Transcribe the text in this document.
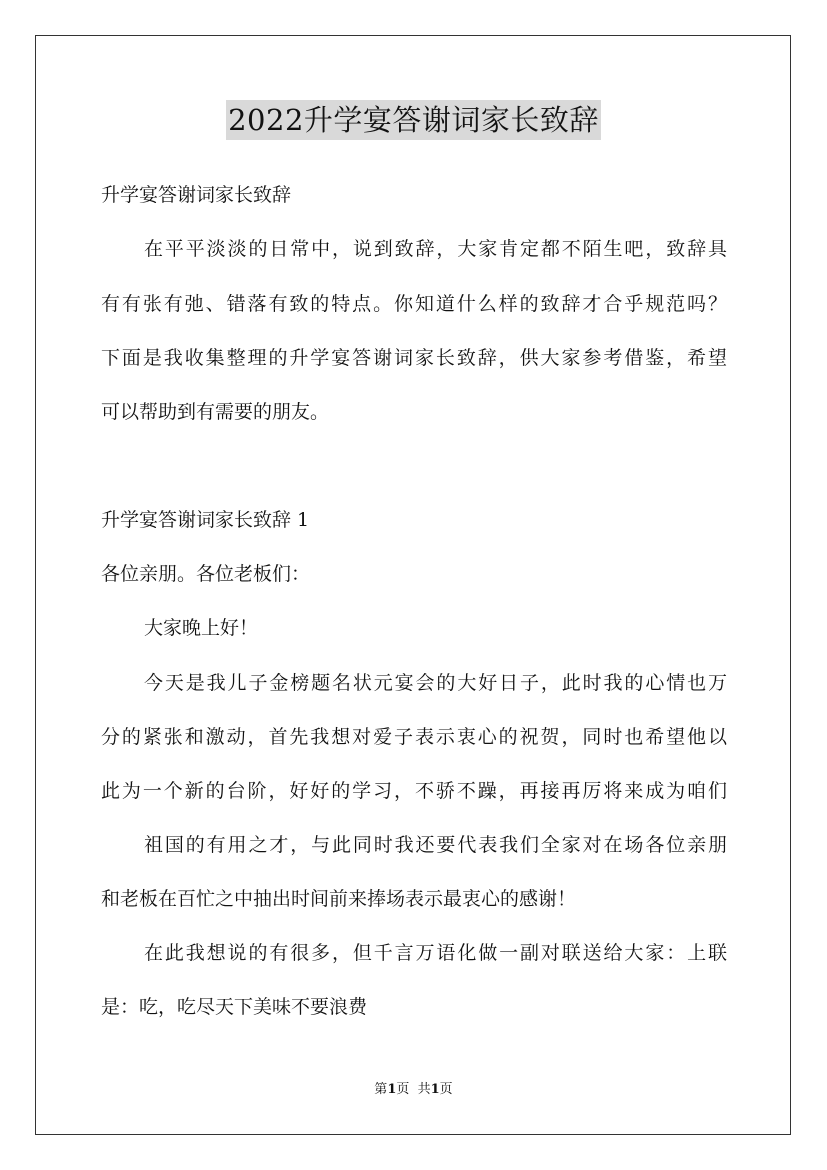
2022升学宴答谢词家长致辞
升学宴答谢词家长致辞
在平平淡淡的日常中，说到致辞，大家肯定都不陌生吧，致辞具
有有张有弛、错落有致的特点。你知道什么样的致辞才合乎规范吗？
下面是我收集整理的升学宴答谢词家长致辞，供大家参考借鉴，希望
可以帮助到有需要的朋友。
升学宴答谢词家长致辞 1
各位亲朋。各位老板们：
大家晚上好！
今天是我儿子金榜题名状元宴会的大好日子，此时我的心情也万
分的紧张和激动，首先我想对爱子表示衷心的祝贺，同时也希望他以
此为一个新的台阶，好好的学习，不骄不躁，再接再厉将来成为咱们
祖国的有用之才，与此同时我还要代表我们全家对在场各位亲朋
和老板在百忙之中抽出时间前来捧场表示最衷心的感谢！
在此我想说的有很多，但千言万语化做一副对联送给大家：上联
是：吃，吃尽天下美味不要浪费
第1页  共1页
